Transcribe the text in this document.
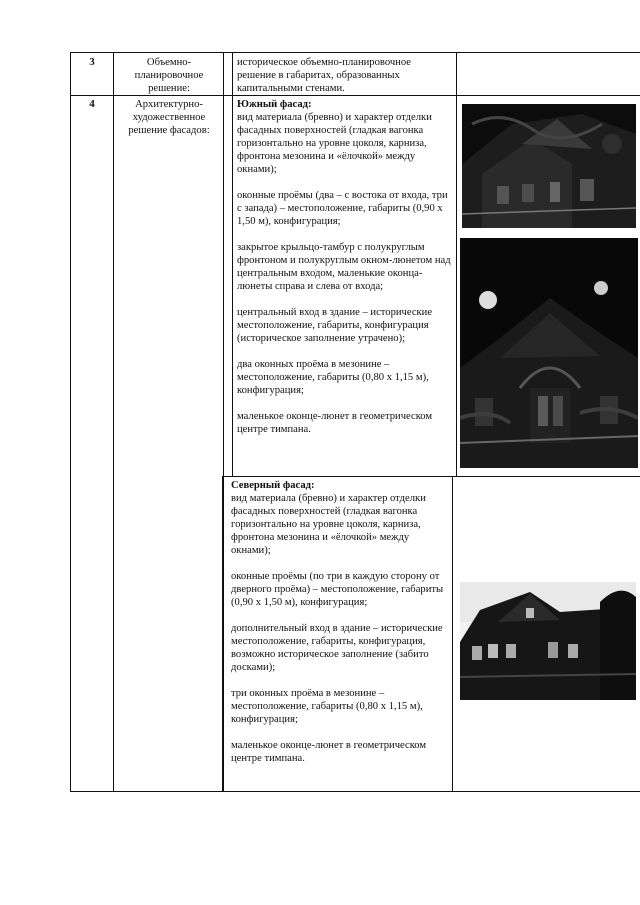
3	Объемно-планировочное решение:
историческое объемно-планировочное решение в габаритах, образованных капитальными стенами.
4	Архитектурно-художественное решение фасадов:
Южный фасад:

вид материала (бревно) и характер отделки фасадных поверхностей (гладкая вагонка горизонтально на уровне цоколя, карниза, фронтона мезонина и «ёлочкой» между окнами);

оконные проёмы (два – с востока от входа, три с запада) – местоположение, габариты (0,90 х 1,50 м), конфигурация;

закрытое крыльцо-тамбур с полукруглым фронтоном и полукруглым окном-люнетом над центральным входом, маленькие оконца-люнеты справа и слева от входа;

центральный вход в здание – исторические местоположение, габариты, конфигурация (историческое заполнение утрачено);

два оконных проёма в мезонине – местоположение, габариты (0,80 х 1,15 м), конфигурация;

маленькое оконце-люнет в геометрическом центре тимпана.

Северный фасад:

вид материала (бревно) и характер отделки фасадных поверхностей (гладкая вагонка горизонтально на уровне цоколя, карниза, фронтона мезонина и «ёлочкой» между окнами);

оконные проёмы (по три в каждую сторону от дверного проёма) – местоположение, габариты (0,90 х 1,50 м), конфигурация;

дополнительный вход в здание – исторические местоположение, габариты, конфигурация, возможно историческое заполнение (забито досками);

три оконных проёма в мезонине – местоположение, габариты (0,80 х 1,15 м), конфигурация;

маленькое оконце-люнет в геометрическом центре тимпана.
